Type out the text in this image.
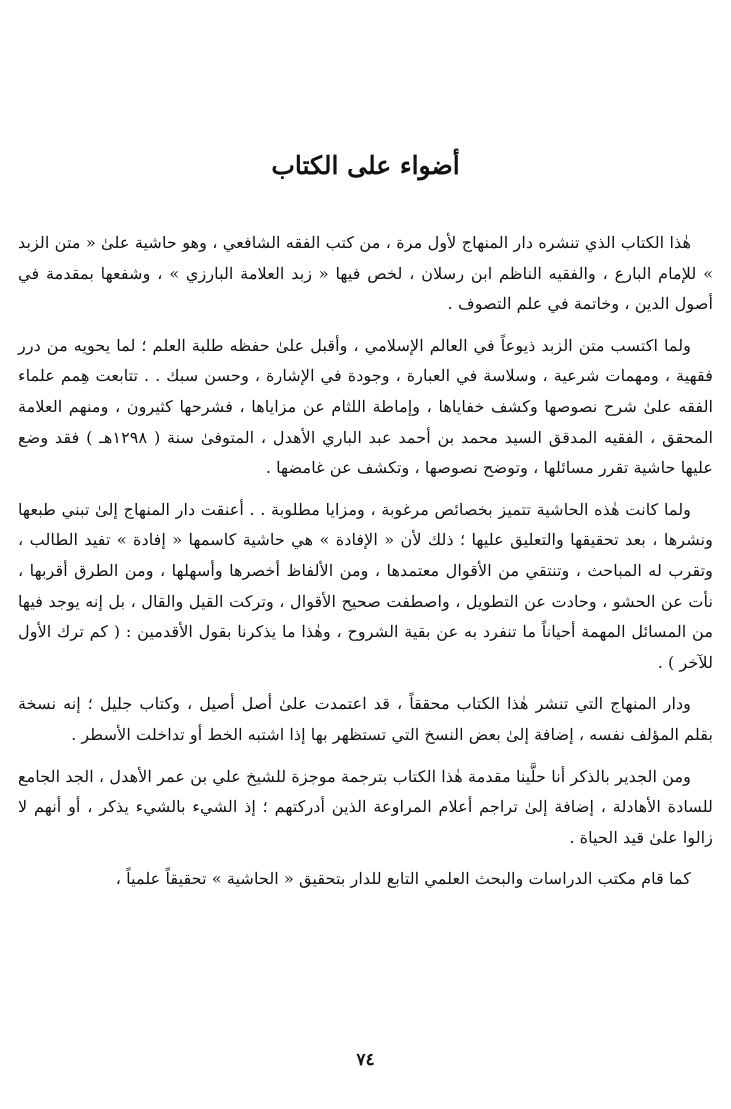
أضواء على الكتاب

هٰذا الكتاب الذي تنشره دار المنهاج لأول مرة ، من كتب الفقه الشافعي ، وهو حاشية علىٰ « متن الزبد » للإمام البارع ، والفقيه الناظم ابن رسلان ، لخص فيها « زبد العلامة البارزي » ، وشفعها بمقدمة في أصول الدين ، وخاتمة في علم التصوف .

ولما اكتسب متن الزبد ذيوعاً في العالم الإسلامي ، وأقبل علىٰ حفظه طلبة العلم ؛ لما يحويه من درر فقهية ، ومهمات شرعية ، وسلاسة في العبارة ، وجودة في الإشارة ، وحسن سبك . . تتابعت هِمم علماء الفقه علىٰ شرح نصوصها وكشف خفاياها ، وإماطة اللثام عن مزاياها ، فشرحها كثيرون ، ومنهم العلامة المحقق ، الفقيه المدقق السيد محمد بن أحمد عبد الباري الأهدل ، المتوفىٰ سنة ( ١٢٩٨هـ ) فقد وضع عليها حاشية تقرر مسائلها ، وتوضح نصوصها ، وتكشف عن غامضها .

ولما كانت هٰذه الحاشية تتميز بخصائص مرغوبة ، ومزايا مطلوبة . . أعنقت دار المنهاج إلىٰ تبني طبعها ونشرها ، بعد تحقيقها والتعليق عليها ؛ ذلك لأن « الإفادة » هي حاشية كاسمها « إفادة » تفيد الطالب ، وتقرب له المباحث ، وتنتقي من الأقوال معتمدها ، ومن الألفاظ أخصرها وأسهلها ، ومن الطرق أقربها ، نأت عن الحشو ، وحادت عن التطويل ، واصطفت صحيح الأقوال ، وتركت القيل والقال ، بل إنه يوجد فيها من المسائل المهمة أحياناً ما تنفرد به عن بقية الشروح ، وهٰذا ما يذكرنا بقول الأقدمين : ( كم ترك الأول للآخر ) .

ودار المنهاج التي تنشر هٰذا الكتاب محققاً ، قد اعتمدت علىٰ أصل أصيل ، وكتاب جليل ؛ إنه نسخة بقلم المؤلف نفسه ، إضافة إلىٰ بعض النسخ التي تستظهر بها إذا اشتبه الخط أو تداخلت الأسطر .

ومن الجدير بالذكر أنا حلَّينا مقدمة هٰذا الكتاب بترجمة موجزة للشيخ علي بن عمر الأهدل ، الجد الجامع للسادة الأهادلة ، إضافة إلىٰ تراجم أعلام المراوعة الذين أدركتهم ؛ إذ الشيء بالشيء يذكر ، أو أنهم لا زالوا علىٰ قيد الحياة .

كما قام مكتب الدراسات والبحث العلمي التابع للدار بتحقيق « الحاشية » تحقيقاً علمياً ،

٧٤
